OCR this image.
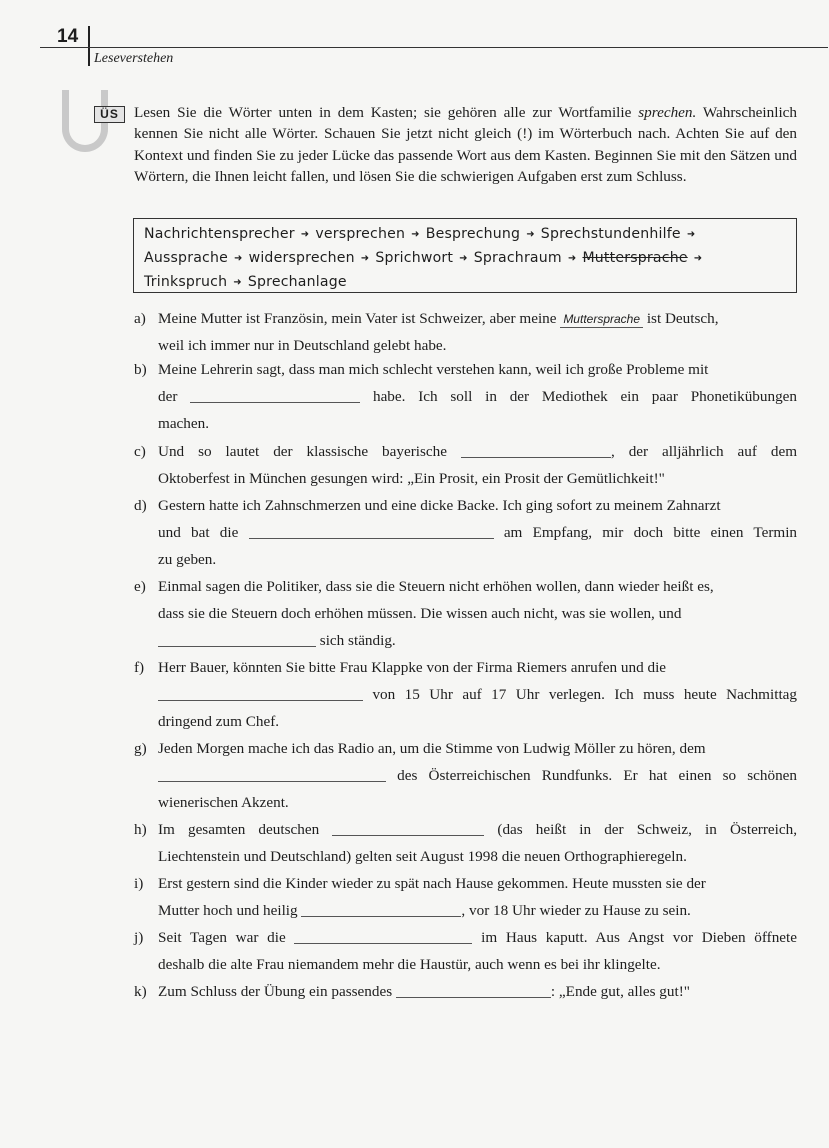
14
Leseverstehen
ÜS Lesen Sie die Wörter unten in dem Kasten; sie gehören alle zur Wortfamilie sprechen. Wahrscheinlich kennen Sie nicht alle Wörter. Schauen Sie jetzt nicht gleich (!) im Wörterbuch nach. Achten Sie auf den Kontext und finden Sie zu jeder Lücke das passende Wort aus dem Kasten. Beginnen Sie mit den Sätzen und Wörtern, die Ihnen leicht fallen, und lösen Sie die schwierigen Aufgaben erst zum Schluss.

Nachrichtensprecher ➜ versprechen ➜ Besprechung ➜ Sprechstundenhilfe ➜
Aussprache ➜ widersprechen ➜ Sprichwort ➜ Sprachraum ➜ Muttersprache ➜
Trinkspruch ➜ Sprechanlage
a) Meine Mutter ist Französin, mein Vater ist Schweizer, aber meine Muttersprache ist Deutsch,
weil ich immer nur in Deutschland gelebt habe.
b) Meine Lehrerin sagt, dass man mich schlecht verstehen kann, weil ich große Probleme mit
der	habe. Ich soll in der Mediothek ein paar Phonetikübungen
machen.
c) Und so lautet der klassische bayerische	, der alljährlich auf dem
Oktoberfest in München gesungen wird: „Ein Prosit, ein Prosit der Gemütlichkeit!"
d) Gestern hatte ich Zahnschmerzen und eine dicke Backe. Ich ging sofort zu meinem Zahnarzt
und bat die	am Empfang, mir doch bitte einen Termin
zu geben.
e) Einmal sagen die Politiker, dass sie die Steuern nicht erhöhen wollen, dann wieder heißt es,
dass sie die Steuern doch erhöhen müssen. Die wissen auch nicht, was sie wollen, und
sich ständig.
f) Herr Bauer, könnten Sie bitte Frau Klappke von der Firma Riemers anrufen und die
von 15 Uhr auf 17 Uhr verlegen. Ich muss heute Nachmittag
dringend zum Chef.
g) Jeden Morgen mache ich das Radio an, um die Stimme von Ludwig Möller zu hören, dem
des Österreichischen Rundfunks. Er hat einen so schönen
wienerischen Akzent.
h) Im gesamten deutschen	(das heißt in der Schweiz, in Österreich,
Liechtenstein und Deutschland) gelten seit August 1998 die neuen Orthographieregeln.
i) Erst gestern sind die Kinder wieder zu spät nach Hause gekommen. Heute mussten sie der
Mutter hoch und heilig	, vor 18 Uhr wieder zu Hause zu sein.
j) Seit Tagen war die	im Haus kaputt. Aus Angst vor Dieben öffnete
deshalb die alte Frau niemandem mehr die Haustür, auch wenn es bei ihr klingelte.
k) Zum Schluss der Übung ein passendes	: „Ende gut, alles gut!"
